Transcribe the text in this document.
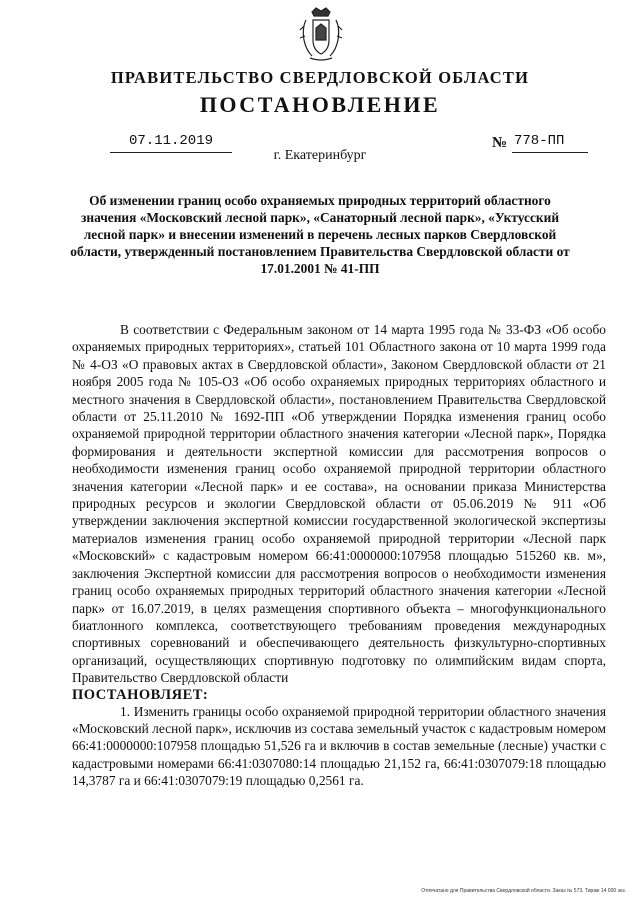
ПРАВИТЕЛЬСТВО СВЕРДЛОВСКОЙ ОБЛАСТИ
ПОСТАНОВЛЕНИЕ
07.11.2019	№ 778-ПП
г. Екатеринбург
Об изменении границ особо охраняемых природных территорий областного значения «Московский лесной парк», «Санаторный лесной парк», «Уктусский лесной парк» и внесении изменений в перечень лесных парков Свердловской области, утвержденный постановлением Правительства Свердловской области от 17.01.2001 № 41-ПП

В соответствии с Федеральным законом от 14 марта 1995 года № 33-ФЗ «Об особо охраняемых природных территориях», статьей 101 Областного закона от 10 марта 1999 года № 4-ОЗ «О правовых актах в Свердловской области», Законом Свердловской области от 21 ноября 2005 года № 105-ОЗ «Об особо охраняемых природных территориях областного и местного значения в Свердловской области», постановлением Правительства Свердловской области от 25.11.2010 № 1692-ПП «Об утверждении Порядка изменения границ особо охраняемой природной территории областного значения категории «Лесной парк», Порядка формирования и деятельности экспертной комиссии для рассмотрения вопросов о необходимости изменения границ особо охраняемой природной территории областного значения категории «Лесной парк» и ее состава», на основании приказа Министерства природных ресурсов и экологии Свердловской области от 05.06.2019 № 911 «Об утверждении заключения экспертной комиссии государственной экологической экспертизы материалов изменения границ особо охраняемой природной территории «Лесной парк «Московский» с кадастровым номером 66:41:0000000:107958 площадью 515260 кв. м», заключения Экспертной комиссии для рассмотрения вопросов о необходимости изменения границ особо охраняемых природных территорий областного значения категории «Лесной парк» от 16.07.2019, в целях размещения спортивного объекта – многофункционального биатлонного комплекса, соответствующего требованиям проведения международных спортивных соревнований и обеспечивающего деятельность физкультурно-спортивных организаций, осуществляющих спортивную подготовку по олимпийским видам спорта, Правительство Свердловской области

ПОСТАНОВЛЯЕТ:

1. Изменить границы особо охраняемой природной территории областного значения «Московский лесной парк», исключив из состава земельный участок с кадастровым номером 66:41:0000000:107958 площадью 51,526 га и включив в состав земельные (лесные) участки с кадастровыми номерами 66:41:0307080:14 площадью 21,152 га, 66:41:0307079:18 площадью 14,3787 га и 66:41:0307079:19 площадью 0,2561 га.

Отпечатано для Правительства Свердловской области. Заказ № 573. Тираж 14 000 экз.
